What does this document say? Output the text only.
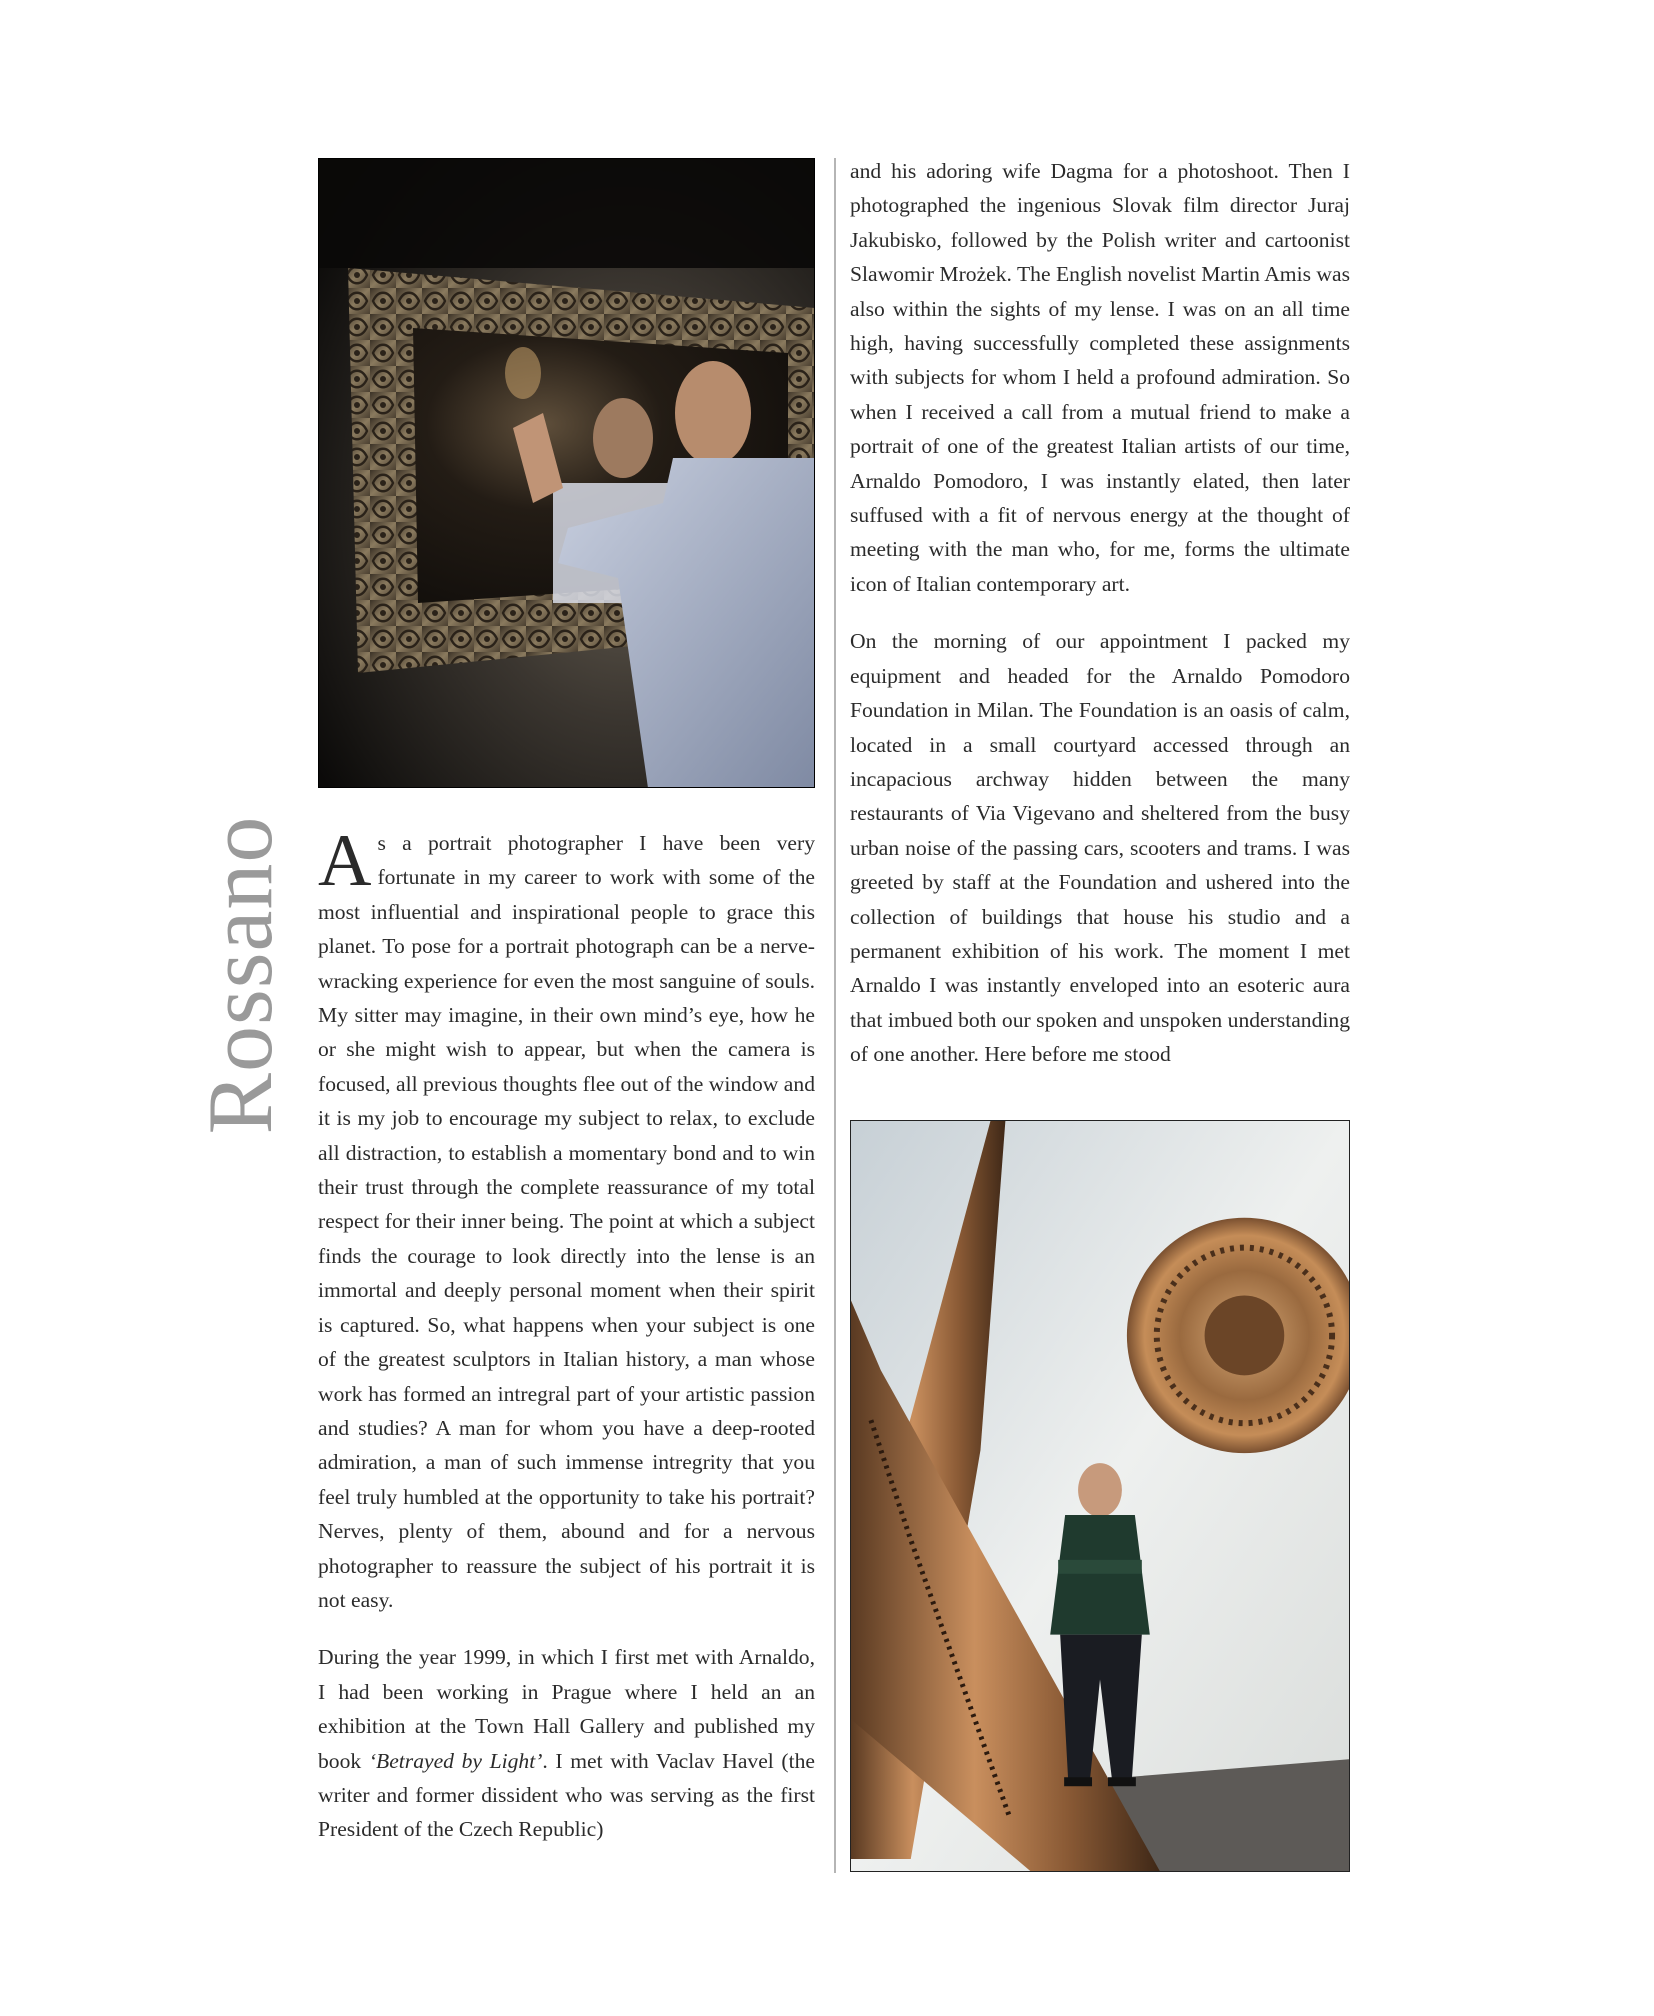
Rossano As a portrait photographer I have been very fortunate in my career to work with some of the most influential and inspirational people to grace this planet. To pose for a portrait photograph can be a nerve-wracking experience for even the most sanguine of souls. My sitter may imagine, in their own mind’s eye, how he or she might wish to appear, but when the camera is focused, all previous thoughts flee out of the window and it is my job to encourage my subject to relax, to exclude all distraction, to establish a momentary bond and to win their trust through the complete reassurance of my total respect for their inner being. The point at which a subject finds the courage to look directly into the lense is an immortal and deeply personal moment when their spirit is captured. So, what happens when your subject is one of the greatest sculptors in Italian history, a man whose work has formed an intregral part of your artistic passion and studies? A man for whom you have a deep-rooted admiration, a man of such immense intregrity that you feel truly humbled at the opportunity to take his portrait? Nerves, plenty of them, abound and for a nervous photographer to reassure the subject of his portrait it is not easy.

During the year 1999, in which I first met with Arnaldo, I had been working in Prague where I held an an exhibition at the Town Hall Gallery and published my book ‘Betrayed by Light’. I met with Vaclav Havel (the writer and former dissident who was serving as the first President of the Czech Republic)

and his adoring wife Dagma for a photoshoot. Then I photographed the ingenious Slovak film director Juraj Jakubisko, followed by the Polish writer and cartoonist Slawomir Mrożek. The English novelist Martin Amis was also within the sights of my lense. I was on an all time high, having successfully completed these assignments with subjects for whom I held a profound admiration. So when I received a call from a mutual friend to make a portrait of one of the greatest Italian artists of our time, Arnaldo Pomodoro, I was instantly elated, then later suffused with a fit of nervous energy at the thought of meeting with the man who, for me, forms the ultimate icon of Italian contemporary art.

On the morning of our appointment I packed my equipment and headed for the Arnaldo Pomodoro Foundation in Milan. The Foundation is an oasis of calm, located in a small courtyard accessed through an incapacious archway hidden between the many restaurants of Via Vigevano and sheltered from the busy urban noise of the passing cars, scooters and trams. I was greeted by staff at the Foundation and ushered into the collection of buildings that house his studio and a permanent exhibition of his work. The moment I met Arnaldo I was instantly enveloped into an esoteric aura that imbued both our spoken and unspoken understanding of one another. Here before me stood
